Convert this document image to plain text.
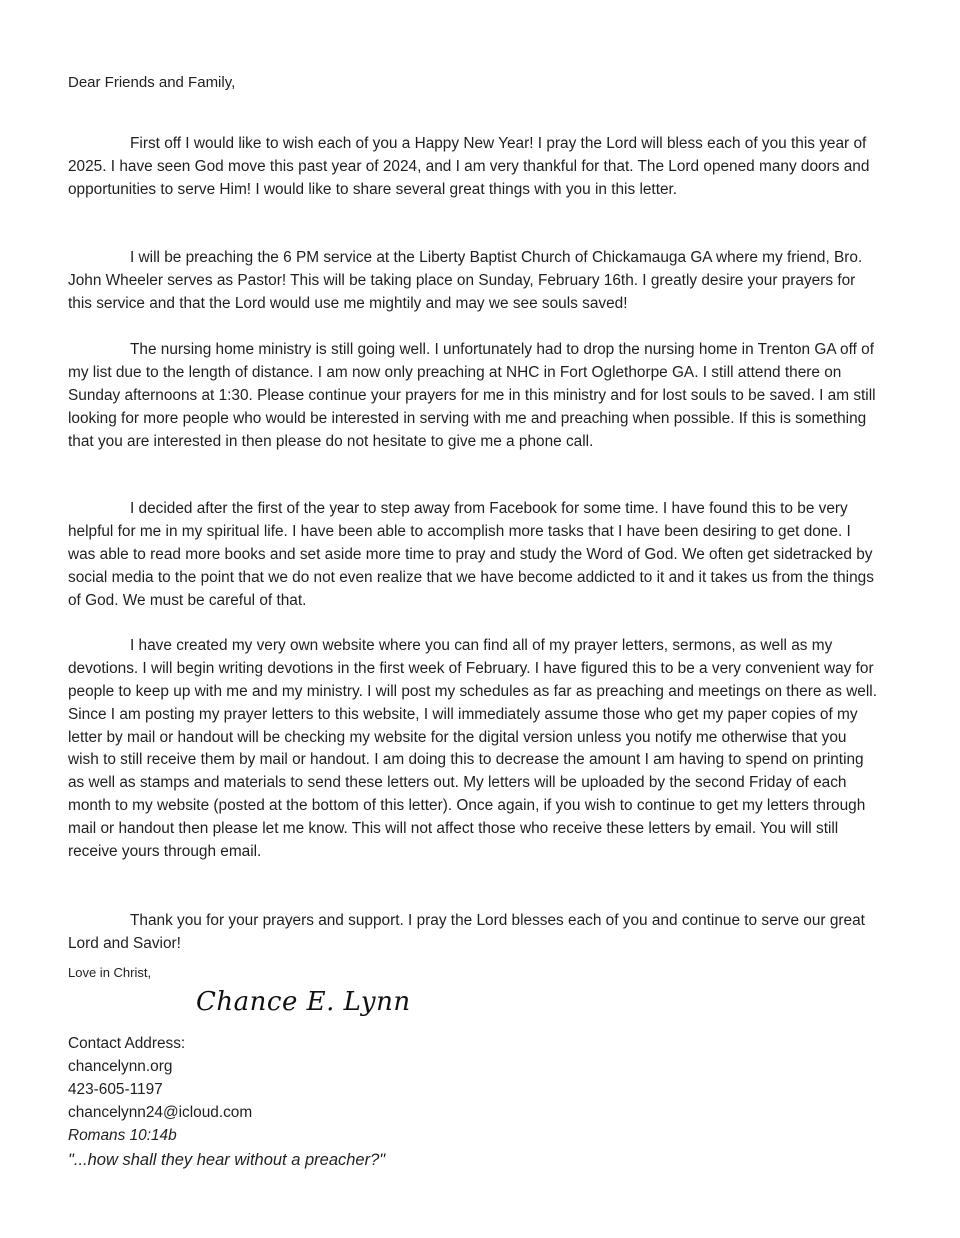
Dear Friends and Family,

First off I would like to wish each of you a Happy New Year! I pray the Lord will bless each of you this year of 2025. I have seen God move this past year of 2024, and I am very thankful for that. The Lord opened many doors and opportunities to serve Him! I would like to share several great things with you in this letter.

I will be preaching the 6 PM service at the Liberty Baptist Church of Chickamauga GA where my friend, Bro. John Wheeler serves as Pastor! This will be taking place on Sunday, February 16th. I greatly desire your prayers for this service and that the Lord would use me mightily and may we see souls saved!

The nursing home ministry is still going well. I unfortunately had to drop the nursing home in Trenton GA off of my list due to the length of distance. I am now only preaching at NHC in Fort Oglethorpe GA. I still attend there on Sunday afternoons at 1:30. Please continue your prayers for me in this ministry and for lost souls to be saved. I am still looking for more people who would be interested in serving with me and preaching when possible. If this is something that you are interested in then please do not hesitate to give me a phone call.

I decided after the first of the year to step away from Facebook for some time. I have found this to be very helpful for me in my spiritual life. I have been able to accomplish more tasks that I have been desiring to get done. I was able to read more books and set aside more time to pray and study the Word of God. We often get sidetracked by social media to the point that we do not even realize that we have become addicted to it and it takes us from the things of God. We must be careful of that.

I have created my very own website where you can find all of my prayer letters, sermons, as well as my devotions. I will begin writing devotions in the first week of February. I have figured this to be a very convenient way for people to keep up with me and my ministry. I will post my schedules as far as preaching and meetings on there as well. Since I am posting my prayer letters to this website, I will immediately assume those who get my paper copies of my letter by mail or handout will be checking my website for the digital version unless you notify me otherwise that you wish to still receive them by mail or handout. I am doing this to decrease the amount I am having to spend on printing as well as stamps and materials to send these letters out. My letters will be uploaded by the second Friday of each month to my website (posted at the bottom of this letter). Once again, if you wish to continue to get my letters through mail or handout then please let me know. This will not affect those who receive these letters by email. You will still receive yours through email.

Thank you for your prayers and support. I pray the Lord blesses each of you and continue to serve our great Lord and Savior!

Love in Christ,
Chance E. Lynn
Contact Address:
chancelynn.org
423-605-1197
chancelynn24@icloud.com
Romans 10:14b
"...how shall they hear without a preacher?"
